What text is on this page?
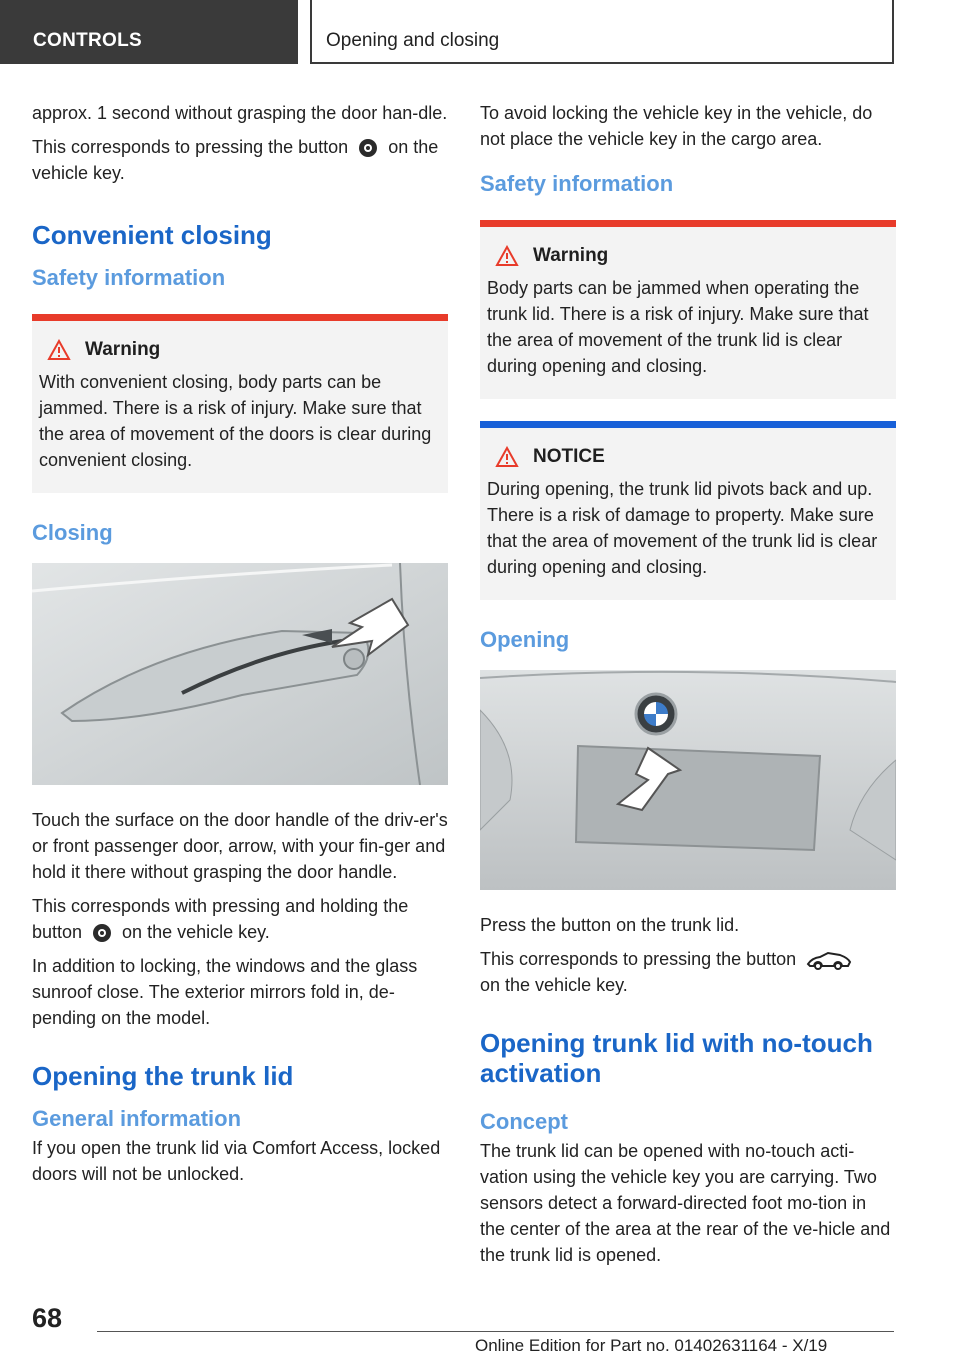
CONTROLS	Opening and closing

approx. 1 second without grasping the door han-dle.

This corresponds to pressing the button on the vehicle key.

Convenient closing
Safety information
Warning

With convenient closing, body parts can be jammed. There is a risk of injury. Make sure that the area of movement of the doors is clear during convenient closing.

Closing

Touch the surface on the door handle of the driv-er's or front passenger door, arrow, with your fin-ger and hold it there without grasping the door handle.

This corresponds with pressing and holding the button on the vehicle key.

In addition to locking, the windows and the glass sunroof close. The exterior mirrors fold in, de-pending on the model.

Opening the trunk lid
General information

If you open the trunk lid via Comfort Access, locked doors will not be unlocked.

To avoid locking the vehicle key in the vehicle, do not place the vehicle key in the cargo area.

Safety information
Warning

Body parts can be jammed when operating the trunk lid. There is a risk of injury. Make sure that the area of movement of the trunk lid is clear during opening and closing.

NOTICE

During opening, the trunk lid pivots back and up. There is a risk of damage to property. Make sure that the area of movement of the trunk lid is clear during opening and closing.

Opening

Press the button on the trunk lid.

This corresponds to pressing the button
on the vehicle key.

Opening trunk lid with no-touch activation
Concept

The trunk lid can be opened with no-touch acti-vation using the vehicle key you are carrying. Two sensors detect a forward-directed foot mo-tion in the center of the area at the rear of the ve-hicle and the trunk lid is opened.

68
Online Edition for Part no. 01402631164 - X/19
